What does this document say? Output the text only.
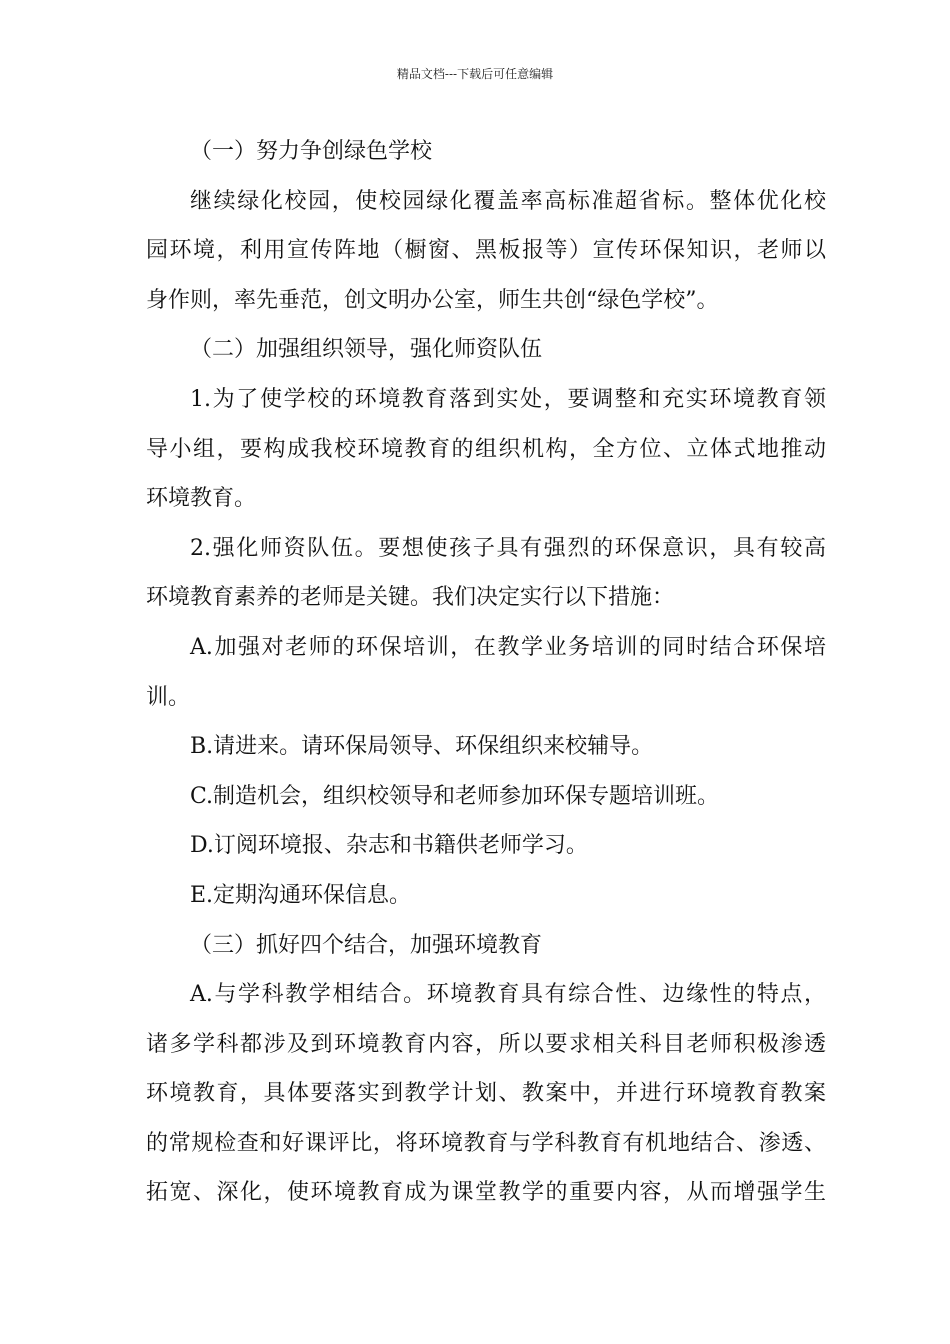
精品文档---下载后可任意编辑
（一）努力争创绿色学校
继续绿化校园，使校园绿化覆盖率高标准超省标。整体优化校
园环境，利用宣传阵地（橱窗、黑板报等）宣传环保知识，老师以
身作则，率先垂范，创文明办公室，师生共创“绿色学校”。
（二）加强组织领导，强化师资队伍
1.为了使学校的环境教育落到实处，要调整和充实环境教育领
导小组，要构成我校环境教育的组织机构，全方位、立体式地推动
环境教育。
2.强化师资队伍。要想使孩子具有强烈的环保意识，具有较高
环境教育素养的老师是关键。我们决定实行以下措施：
A.加强对老师的环保培训，在教学业务培训的同时结合环保培
训。
B.请进来。请环保局领导、环保组织来校辅导。
C.制造机会，组织校领导和老师参加环保专题培训班。
D.订阅环境报、杂志和书籍供老师学习。
E.定期沟通环保信息。
（三）抓好四个结合，加强环境教育
A.与学科教学相结合。环境教育具有综合性、边缘性的特点，
诸多学科都涉及到环境教育内容，所以要求相关科目老师积极渗透
环境教育，具体要落实到教学计划、教案中，并进行环境教育教案
的常规检查和好课评比，将环境教育与学科教育有机地结合、渗透、
拓宽、深化，使环境教育成为课堂教学的重要内容，从而增强学生
